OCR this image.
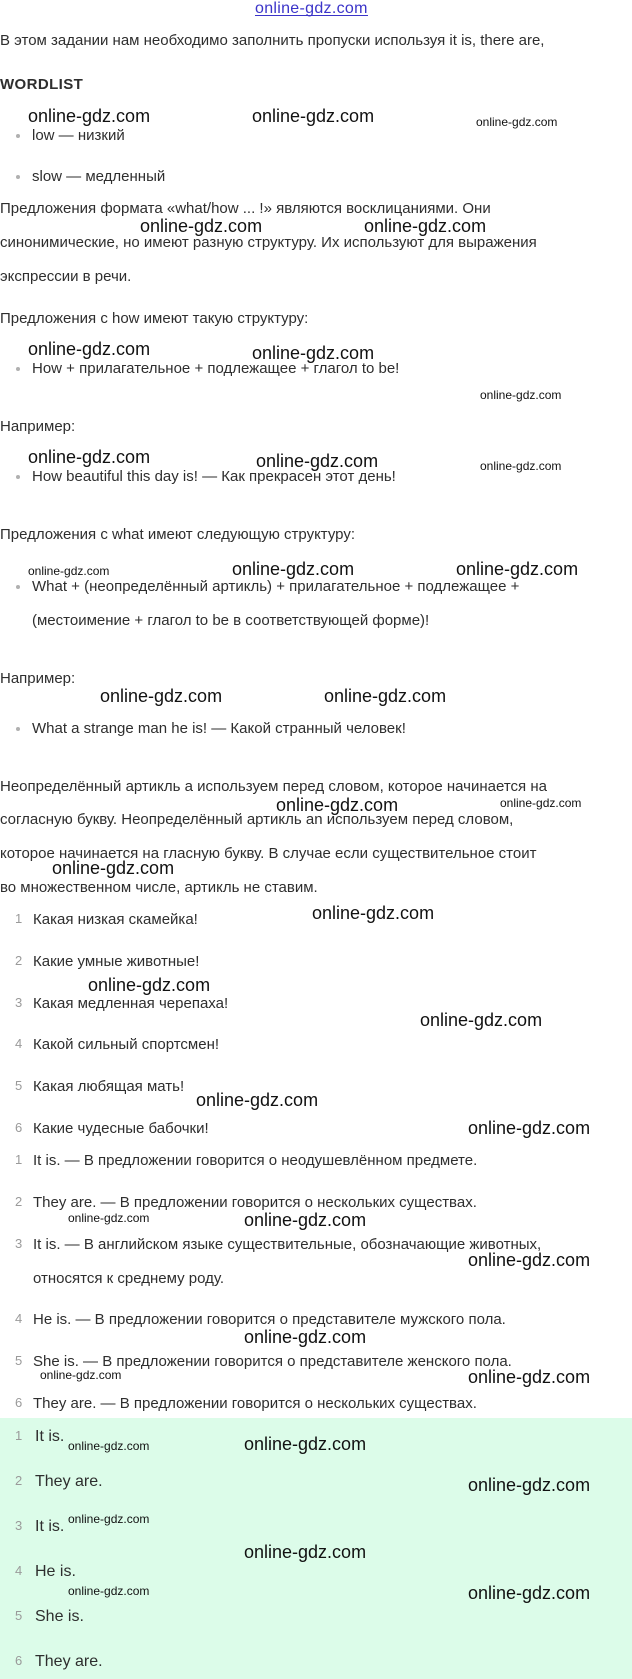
online-gdz.com
В этом задании нам необходимо заполнить пропуски используя it is, there are,
WORDLIST
low — низкий
slow — медленный
Предложения формата «what/how ... !» являются восклицаниями. Они
синонимические, но имеют разную структуру. Их используют для выражения
экспрессии в речи.
Предложения с how имеют такую структуру:
How + прилагательное + подлежащее + глагол to be!
Например:
How beautiful this day is! — Как прекрасен этот день!
Предложения с what имеют следующую структуру:
What + (неопределённый артикль) + прилагательное + подлежащее +
(местоимение + глагол to be в соответствующей форме)!
Например:
What a strange man he is! — Какой странный человек!
Неопределённый артикль a используем перед словом, которое начинается на
согласную букву. Неопределённый артикль an используем перед словом,
которое начинается на гласную букву. В случае если существительное стоит
во множественном числе, артикль не ставим.
1 Какая низкая скамейка!
2 Какие умные животные!
3 Какая медленная черепаха!
4 Какой сильный спортсмен!
5 Какая любящая мать!
6 Какие чудесные бабочки!
1 It is. — В предложении говорится о неодушевлённом предмете.
2 They are. — В предложении говорится о нескольких существах.
3 It is. — В английском языке существительные, обозначающие животных,
относятся к среднему роду.
4 He is. — В предложении говорится о представителе мужского пола.
5 She is. — В предложении говорится о представителе женского пола.
6 They are. — В предложении говорится о нескольких существах.
1 It is.
2 They are.
3 It is.
4 He is.
5 She is.
6 They are.
online-gdz.com	online-gdz.com	online-gdz.com
online-gdz.com	online-gdz.com
online-gdz.com	online-gdz.com
online-gdz.com
online-gdz.com	online-gdz.com	online-gdz.com
online-gdz.com	online-gdz.com	online-gdz.com
online-gdz.com	online-gdz.com
online-gdz.com	online-gdz.com
online-gdz.com
online-gdz.com
online-gdz.com
online-gdz.com
online-gdz.com
online-gdz.com
online-gdz.com	online-gdz.com
online-gdz.com
online-gdz.com
online-gdz.com	online-gdz.com
online-gdz.com	online-gdz.com
online-gdz.com
online-gdz.com
online-gdz.com
online-gdz.com	online-gdz.com
